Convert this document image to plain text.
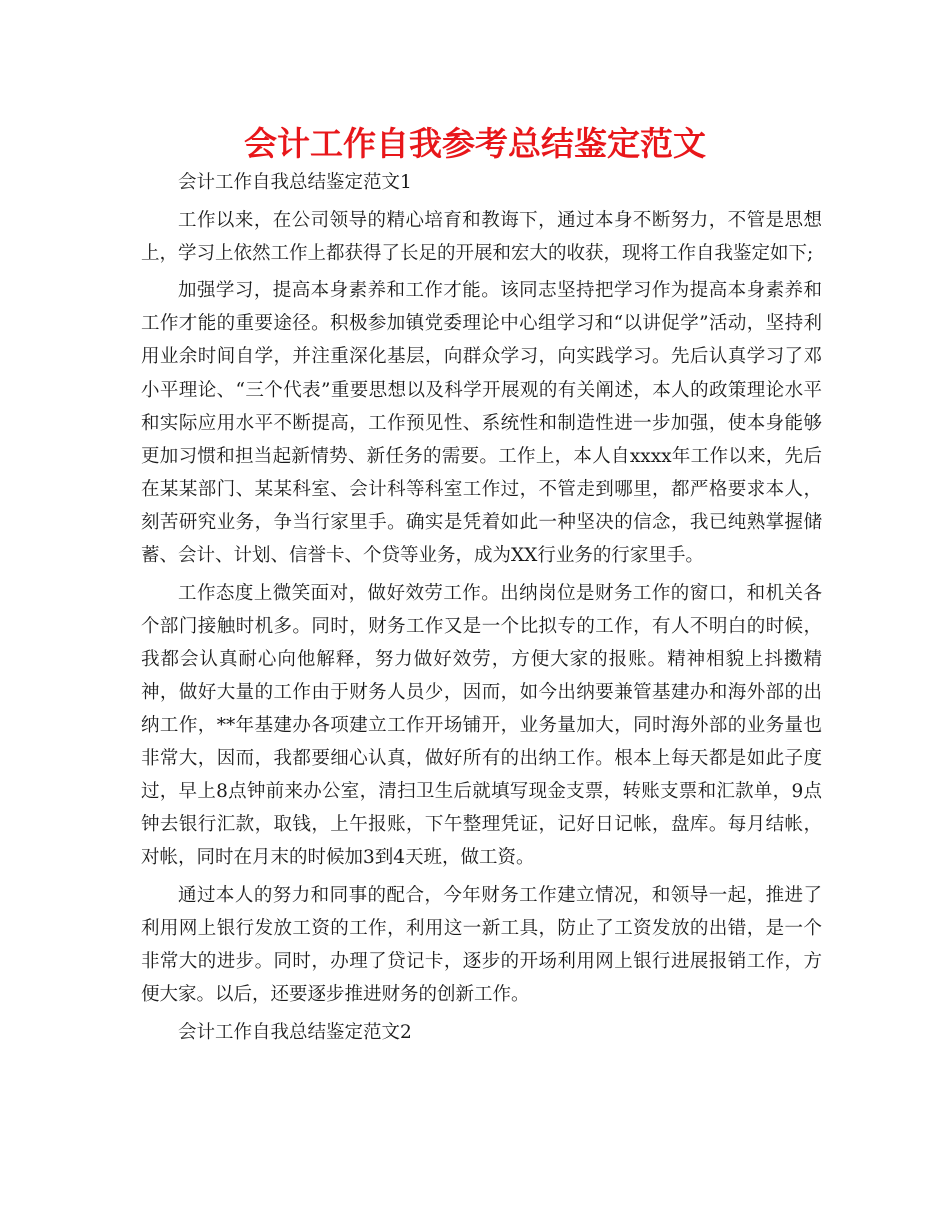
会计工作自我参考总结鉴定范文

会计工作自我总结鉴定范文1

工作以来，在公司领导的精心培育和教诲下，通过本身不断努力，不管是思想上，学习上依然工作上都获得了长足的开展和宏大的收获，现将工作自我鉴定如下;

加强学习，提高本身素养和工作才能。该同志坚持把学习作为提高本身素养和工作才能的重要途径。积极参加镇党委理论中心组学习和“以讲促学”活动，坚持利用业余时间自学，并注重深化基层，向群众学习，向实践学习。先后认真学习了邓小平理论、“三个代表”重要思想以及科学开展观的有关阐述，本人的政策理论水平和实际应用水平不断提高，工作预见性、系统性和制造性进一步加强，使本身能够更加习惯和担当起新情势、新任务的需要。工作上，本人自xxxx年工作以来，先后在某某部门、某某科室、会计科等科室工作过，不管走到哪里，都严格要求本人，刻苦研究业务，争当行家里手。确实是凭着如此一种坚决的信念，我已纯熟掌握储蓄、会计、计划、信誉卡、个贷等业务，成为XX行业务的行家里手。

工作态度上微笑面对，做好效劳工作。出纳岗位是财务工作的窗口，和机关各个部门接触时机多。同时，财务工作又是一个比拟专的工作，有人不明白的时候，我都会认真耐心向他解释，努力做好效劳，方便大家的报账。精神相貌上抖擞精神，做好大量的工作由于财务人员少，因而，如今出纳要兼管基建办和海外部的出纳工作，**年基建办各项建立工作开场铺开，业务量加大，同时海外部的业务量也非常大，因而，我都要细心认真，做好所有的出纳工作。根本上每天都是如此子度过，早上8点钟前来办公室，清扫卫生后就填写现金支票，转账支票和汇款单，9点钟去银行汇款，取钱，上午报账，下午整理凭证，记好日记帐，盘库。每月结帐，对帐，同时在月末的时候加3到4天班，做工资。

通过本人的努力和同事的配合，今年财务工作建立情况，和领导一起，推进了利用网上银行发放工资的工作，利用这一新工具，防止了工资发放的出错，是一个非常大的进步。同时，办理了贷记卡，逐步的开场利用网上银行进展报销工作，方便大家。以后，还要逐步推进财务的创新工作。

会计工作自我总结鉴定范文2
